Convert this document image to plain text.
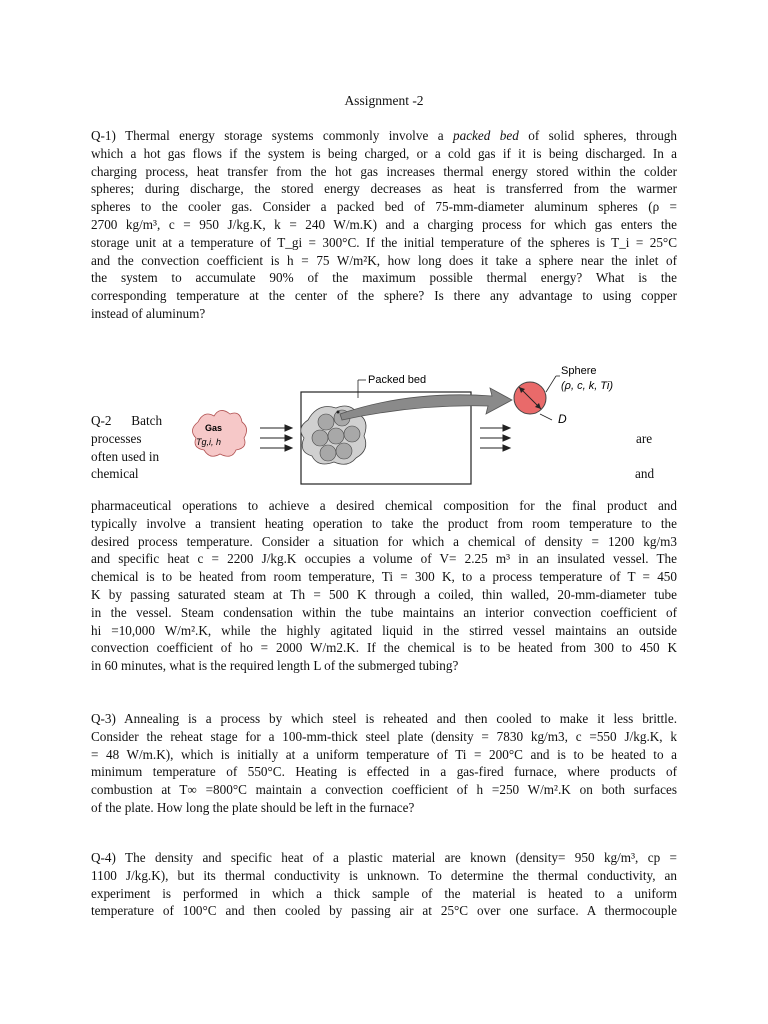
Assignment -2
Q-1) Thermal energy storage systems commonly involve a packed bed of solid spheres, through
which a hot gas flows if the system is being charged, or a cold gas if it is being discharged. In a
charging process, heat transfer from the hot gas increases thermal energy stored within the colder
spheres; during discharge, the stored energy decreases as heat is transferred from the warmer
spheres to the cooler gas. Consider a packed bed of 75-mm-diameter aluminum spheres (ρ =
2700 kg/m³, c = 950 J/kg.K, k = 240 W/m.K) and a charging process for which gas enters the
storage unit at a temperature of T_gi = 300°C. If the initial temperature of the spheres is T_i = 25°C
and the convection coefficient is h = 75 W/m²K, how long does it take a sphere near the inlet of
the system to accumulate 90% of the maximum possible thermal energy? What is the
corresponding temperature at the center of the sphere? Is there any advantage to using copper
instead of aluminum?
Packed bed
Gas
Tg,i, h
Sphere
(ρ, c, k, Ti)
D
Q-2      Batch
processes
often used in
chemical
are
and
pharmaceutical operations to achieve a desired chemical composition for the final product and
typically involve a transient heating operation to take the product from room temperature to the
desired process temperature. Consider a situation for which a chemical of density = 1200 kg/m3
and specific heat c = 2200 J/kg.K occupies a volume of V= 2.25 m³ in an insulated vessel. The
chemical is to be heated from room temperature, Ti = 300 K, to a process temperature of T = 450
K by passing saturated steam at Th = 500 K through a coiled, thin walled, 20-mm-diameter tube
in the vessel. Steam condensation within the tube maintains an interior convection coefficient of
hi =10,000 W/m².K, while the highly agitated liquid in the stirred vessel maintains an outside
convection coefficient of ho = 2000 W/m2.K. If the chemical is to be heated from 300 to 450 K
in 60 minutes, what is the required length L of the submerged tubing?
Q-3) Annealing is a process by which steel is reheated and then cooled to make it less brittle.
Consider the reheat stage for a 100-mm-thick steel plate (density = 7830 kg/m3, c =550 J/kg.K, k
= 48 W/m.K), which is initially at a uniform temperature of Ti = 200°C and is to be heated to a
minimum temperature of 550°C. Heating is effected in a gas-fired furnace, where products of
combustion at T∞ =800°C maintain a convection coefficient of h =250 W/m².K on both surfaces
of the plate. How long the plate should be left in the furnace?
Q-4) The density and specific heat of a plastic material are known (density= 950 kg/m³, cp =
1100 J/kg.K), but its thermal conductivity is unknown. To determine the thermal conductivity, an
experiment is performed in which a thick sample of the material is heated to a uniform
temperature of 100°C and then cooled by passing air at 25°C over one surface. A thermocouple
